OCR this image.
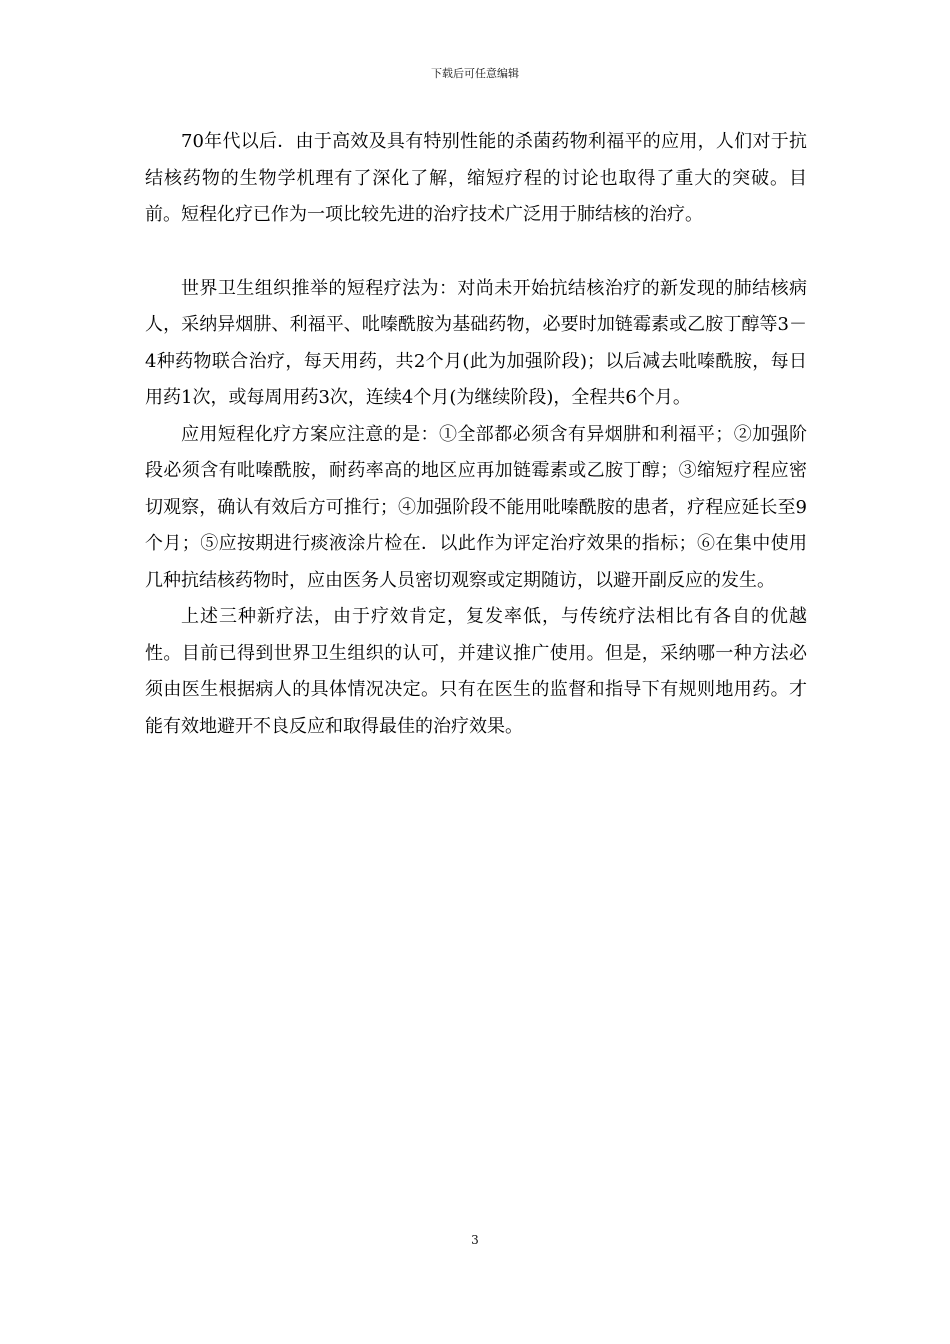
下载后可任意编辑

70年代以后．由于高效及具有特别性能的杀菌药物利福平的应用，人们对于抗结核药物的生物学机理有了深化了解，缩短疗程的讨论也取得了重大的突破。目前。短程化疗已作为一项比较先进的治疗技术广泛用于肺结核的治疗。

世界卫生组织推举的短程疗法为：对尚未开始抗结核治疗的新发现的肺结核病人，采纳异烟肼、利福平、吡嗪酰胺为基础药物，必要时加链霉素或乙胺丁醇等3－4种药物联合治疗，每天用药，共2个月(此为加强阶段)；以后减去吡嗪酰胺，每日用药1次，或每周用药3次，连续4个月(为继续阶段)，全程共6个月。

应用短程化疗方案应注意的是：①全部都必须含有异烟肼和利福平；②加强阶段必须含有吡嗪酰胺，耐药率高的地区应再加链霉素或乙胺丁醇；③缩短疗程应密切观察，确认有效后方可推行；④加强阶段不能用吡嗪酰胺的患者，疗程应延长至9个月；⑤应按期进行痰液涂片检在．以此作为评定治疗效果的指标；⑥在集中使用几种抗结核药物时，应由医务人员密切观察或定期随访，以避开副反应的发生。

上述三种新疗法，由于疗效肯定，复发率低，与传统疗法相比有各自的优越性。目前已得到世界卫生组织的认可，并建议推广使用。但是，采纳哪一种方法必须由医生根据病人的具体情况决定。只有在医生的监督和指导下有规则地用药。才能有效地避开不良反应和取得最佳的治疗效果。

3
